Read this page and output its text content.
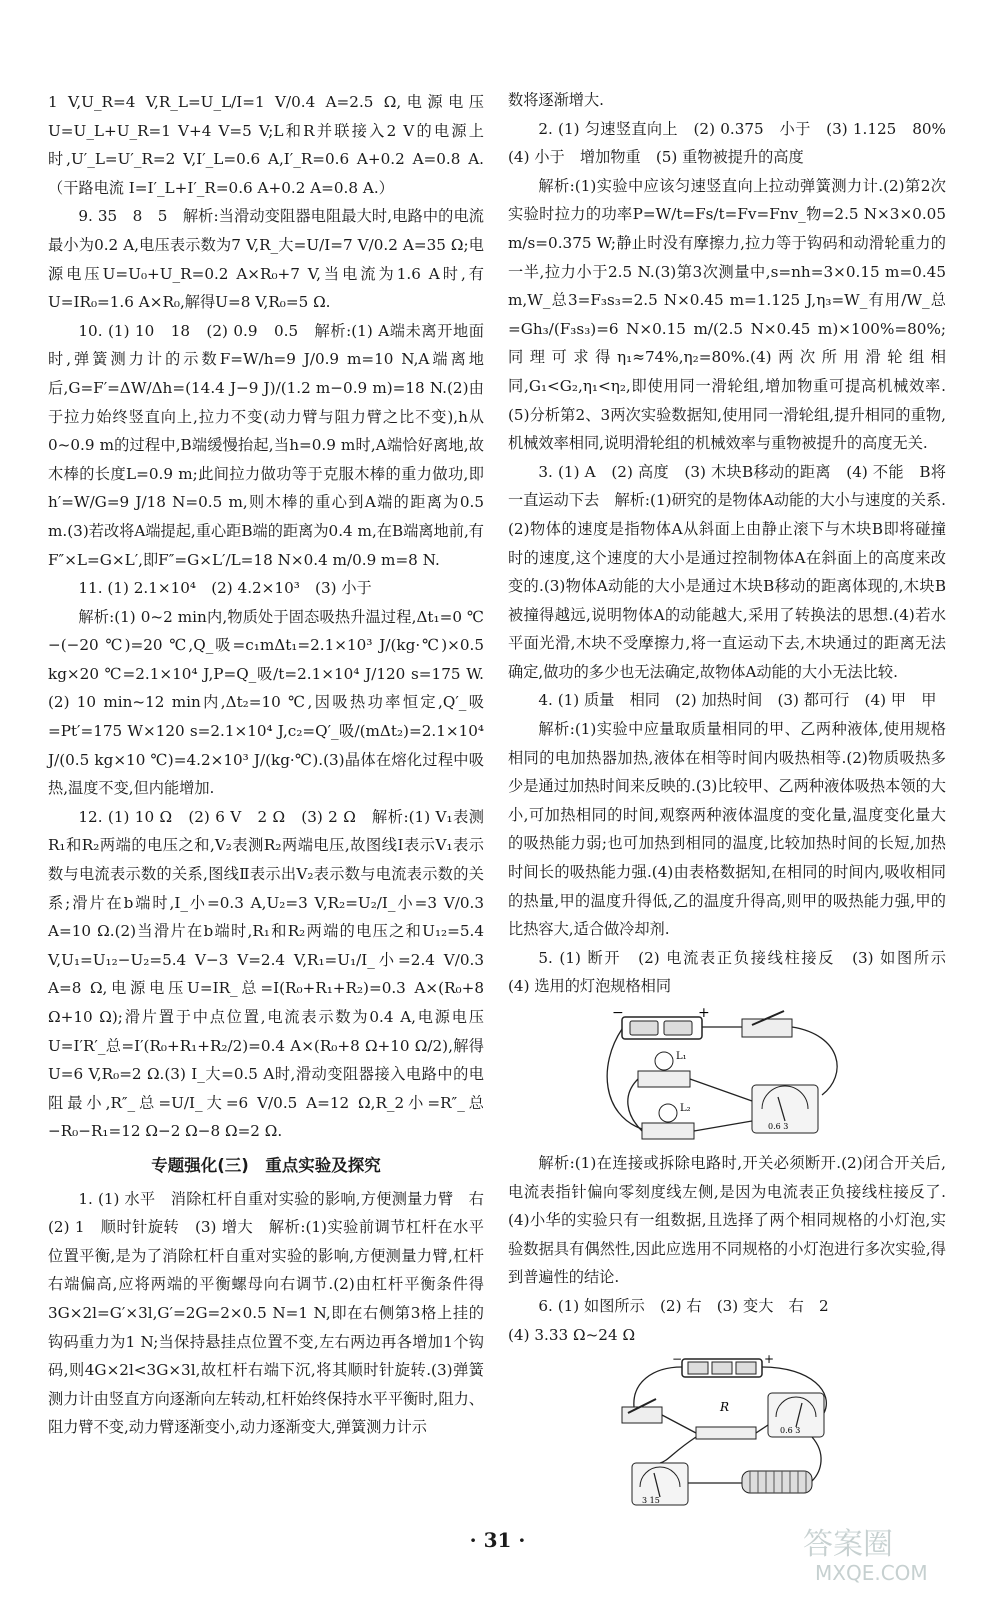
1 V,U_R=4 V,R_L=U_L/I=1 V/0.4 A=2.5 Ω,电源电压U=U_L+U_R=1 V+4 V=5 V;L和R并联接入2 V的电源上时,U′_L=U′_R=2 V,I′_L=0.6 A,I′_R=0.6 A+0.2 A=0.8 A.（干路电流 I=I′_L+I′_R=0.6 A+0.2 A=0.8 A.）

9. 35　8　5　解析:当滑动变阻器电阻最大时,电路中的电流最小为0.2 A,电压表示数为7 V,R_大=U/I=7 V/0.2 A=35 Ω;电源电压U=U₀+U_R=0.2 A×R₀+7 V,当电流为1.6 A时,有U=IR₀=1.6 A×R₀,解得U=8 V,R₀=5 Ω.

10. (1) 10　18　(2) 0.9　0.5　解析:(1) A端未离开地面时,弹簧测力计的示数F=W/h=9 J/0.9 m=10 N,A端离地后,G=F′=ΔW/Δh=(14.4 J−9 J)/(1.2 m−0.9 m)=18 N.(2)由于拉力始终竖直向上,拉力不变(动力臂与阻力臂之比不变),h从0~0.9 m的过程中,B端缓慢抬起,当h=0.9 m时,A端恰好离地,故木棒的长度L=0.9 m;此间拉力做功等于克服木棒的重力做功,即h′=W/G=9 J/18 N=0.5 m,则木棒的重心到A端的距离为0.5 m.(3)若改将A端提起,重心距B端的距离为0.4 m,在B端离地前,有F″×L=G×L′,即F″=G×L′/L=18 N×0.4 m/0.9 m=8 N.

11. (1) 2.1×10⁴　(2) 4.2×10³　(3) 小于

解析:(1) 0~2 min内,物质处于固态吸热升温过程,Δt₁=0 ℃−(−20 ℃)=20 ℃,Q_吸=c₁mΔt₁=2.1×10³ J/(kg·℃)×0.5 kg×20 ℃=2.1×10⁴ J,P=Q_吸/t=2.1×10⁴ J/120 s=175 W.(2) 10 min~12 min内,Δt₂=10 ℃,因吸热功率恒定,Q′_吸=Pt′=175 W×120 s=2.1×10⁴ J,c₂=Q′_吸/(mΔt₂)=2.1×10⁴ J/(0.5 kg×10 ℃)=4.2×10³ J/(kg·℃).(3)晶体在熔化过程中吸热,温度不变,但内能增加.

12. (1) 10 Ω　(2) 6 V　2 Ω　(3) 2 Ω　解析:(1) V₁表测R₁和R₂两端的电压之和,V₂表测R₂两端电压,故图线Ⅰ表示V₁表示数与电流表示数的关系,图线Ⅱ表示出V₂表示数与电流表示数的关系;滑片在b端时,I_小=0.3 A,U₂=3 V,R₂=U₂/I_小=3 V/0.3 A=10 Ω.(2)当滑片在b端时,R₁和R₂两端的电压之和U₁₂=5.4 V,U₁=U₁₂−U₂=5.4 V−3 V=2.4 V,R₁=U₁/I_小=2.4 V/0.3 A=8 Ω,电源电压U=IR_总=I(R₀+R₁+R₂)=0.3 A×(R₀+8 Ω+10 Ω);滑片置于中点位置,电流表示数为0.4 A,电源电压U=I′R′_总=I′(R₀+R₁+R₂/2)=0.4 A×(R₀+8 Ω+10 Ω/2),解得U=6 V,R₀=2 Ω.(3) I_大=0.5 A时,滑动变阻器接入电路中的电阻最小,R″_总=U/I_大=6 V/0.5 A=12 Ω,R_2小=R″_总−R₀−R₁=12 Ω−2 Ω−8 Ω=2 Ω.

专题强化(三)　重点实验及探究

1. (1) 水平　消除杠杆自重对实验的影响,方便测量力臂　右　(2) 1　顺时针旋转　(3) 增大　解析:(1)实验前调节杠杆在水平位置平衡,是为了消除杠杆自重对实验的影响,方便测量力臂,杠杆右端偏高,应将两端的平衡螺母向右调节.(2)由杠杆平衡条件得3G×2l=G′×3l,G′=2G=2×0.5 N=1 N,即在右侧第3格上挂的钩码重力为1 N;当保持悬挂点位置不变,左右两边再各增加1个钩码,则4G×2l<3G×3l,故杠杆右端下沉,将其顺时针旋转.(3)弹簧测力计由竖直方向逐渐向左转动,杠杆始终保持水平平衡时,阻力、阻力臂不变,动力臂逐渐变小,动力逐渐变大,弹簧测力计示

数将逐渐增大.

2. (1) 匀速竖直向上　(2) 0.375　小于　(3) 1.125　80%　(4) 小于　增加物重　(5) 重物被提升的高度

解析:(1)实验中应该匀速竖直向上拉动弹簧测力计.(2)第2次实验时拉力的功率P=W/t=Fs/t=Fv=Fnv_物=2.5 N×3×0.05 m/s=0.375 W;静止时没有摩擦力,拉力等于钩码和动滑轮重力的一半,拉力小于2.5 N.(3)第3次测量中,s=nh=3×0.15 m=0.45 m,W_总3=F₃s₃=2.5 N×0.45 m=1.125 J,η₃=W_有用/W_总=Gh₃/(F₃s₃)=6 N×0.15 m/(2.5 N×0.45 m)×100%=80%;同理可求得η₁≈74%,η₂=80%.(4)两次所用滑轮组相同,G₁<G₂,η₁<η₂,即使用同一滑轮组,增加物重可提高机械效率.(5)分析第2、3两次实验数据知,使用同一滑轮组,提升相同的重物,机械效率相同,说明滑轮组的机械效率与重物被提升的高度无关.

3. (1) A　(2) 高度　(3) 木块B移动的距离　(4) 不能　B将一直运动下去　解析:(1)研究的是物体A动能的大小与速度的关系.(2)物体的速度是指物体A从斜面上由静止滚下与木块B即将碰撞时的速度,这个速度的大小是通过控制物体A在斜面上的高度来改变的.(3)物体A动能的大小是通过木块B移动的距离体现的,木块B被撞得越远,说明物体A的动能越大,采用了转换法的思想.(4)若水平面光滑,木块不受摩擦力,将一直运动下去,木块通过的距离无法确定,做功的多少也无法确定,故物体A动能的大小无法比较.

4. (1) 质量　相同　(2) 加热时间　(3) 都可行　(4) 甲　甲

解析:(1)实验中应量取质量相同的甲、乙两种液体,使用规格相同的电加热器加热,液体在相等时间内吸热相等.(2)物质吸热多少是通过加热时间来反映的.(3)比较甲、乙两种液体吸热本领的大小,可加热相同的时间,观察两种液体温度的变化量,温度变化量大的吸热能力弱;也可加热到相同的温度,比较加热时间的长短,加热时间长的吸热能力强.(4)由表格数据知,在相同的时间内,吸收相同的热量,甲的温度升得低,乙的温度升得高,则甲的吸热能力强,甲的比热容大,适合做冷却剂.

5. (1) 断开　(2) 电流表正负接线柱接反　(3) 如图所示　(4) 选用的灯泡规格相同

−	+
L₁
L₂
0.6 3

解析:(1)在连接或拆除电路时,开关必须断开.(2)闭合开关后,电流表指针偏向零刻度线左侧,是因为电流表正负接线柱接反了.(4)小华的实验只有一组数据,且选择了两个相同规格的小灯泡,实验数据具有偶然性,因此应选用不同规格的小灯泡进行多次实验,得到普遍性的结论.

6. (1) 如图所示　(2) 右　(3) 变大　右　2

(4) 3.33 Ω~24 Ω

−	+
R
0.6 3
3 15
· 31 ·	答案圈
MXQE.COM
